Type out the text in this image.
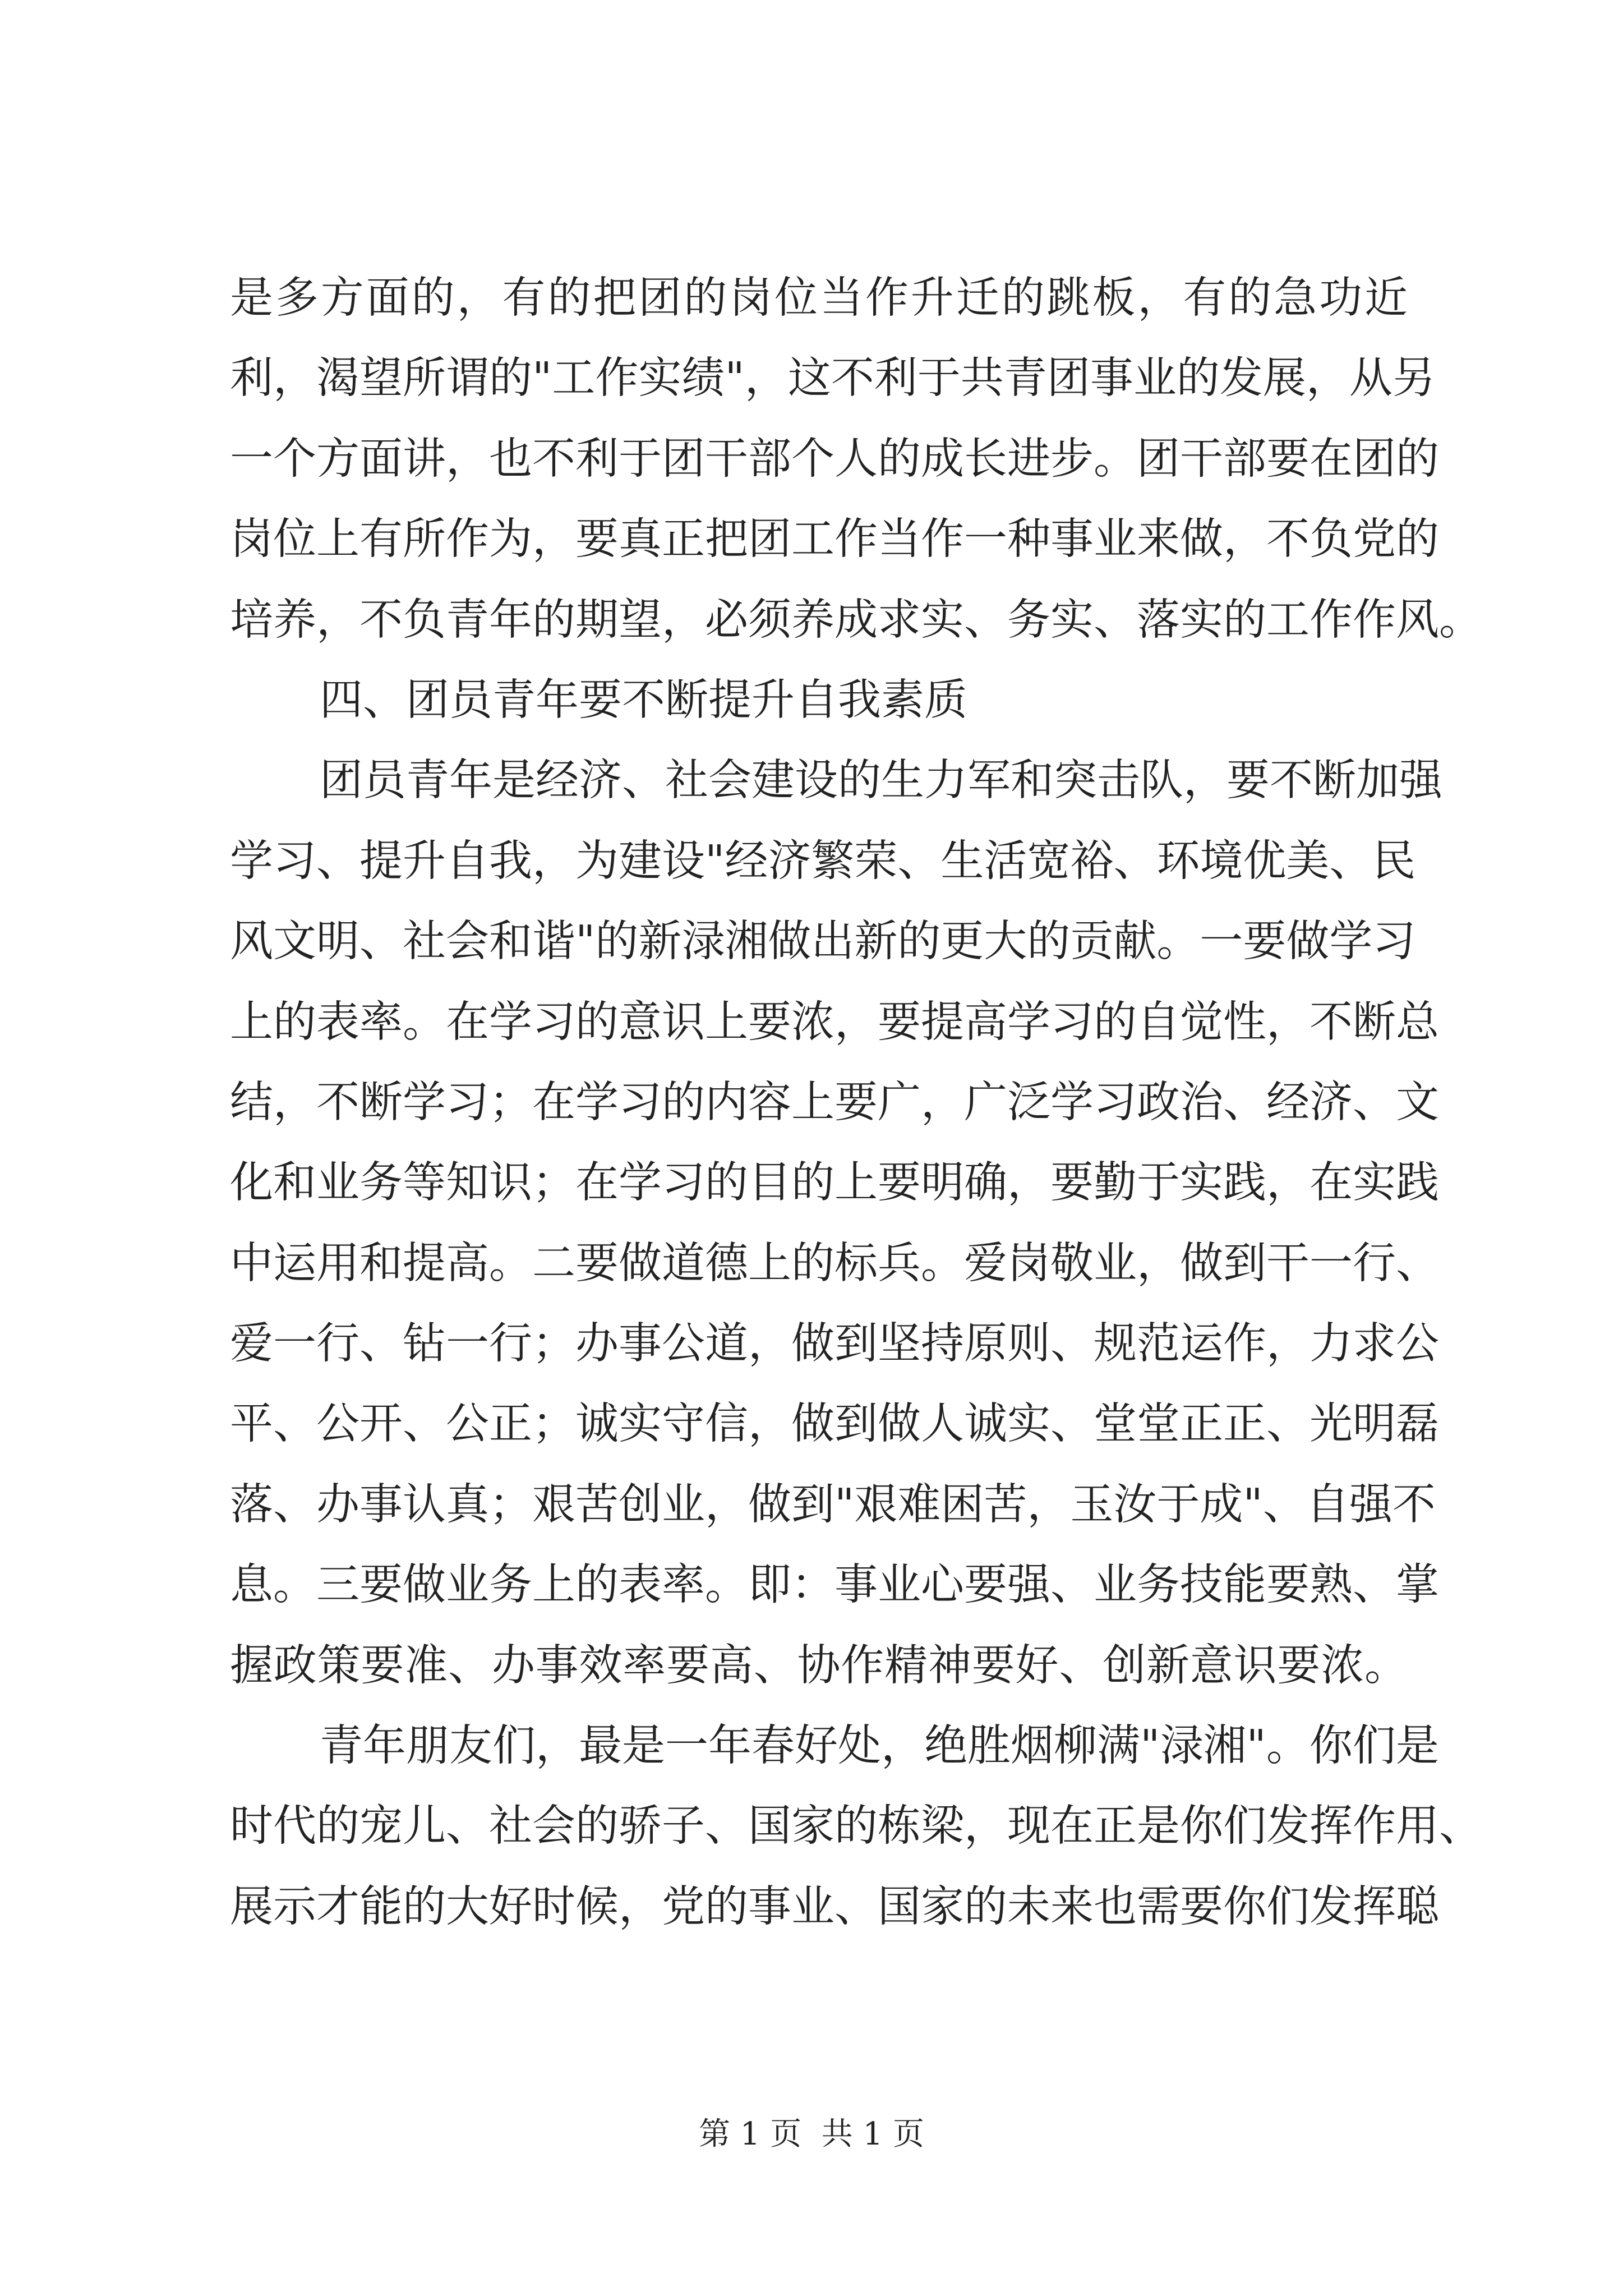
是多方面的，有的把团的岗位当作升迁的跳板，有的急功近
利，渴望所谓的"工作实绩"，这不利于共青团事业的发展，从另
一个方面讲，也不利于团干部个人的成长进步。团干部要在团的
岗位上有所作为，要真正把团工作当作一种事业来做，不负党的
培养，不负青年的期望，必须养成求实、务实、落实的工作作风。
四、团员青年要不断提升自我素质
团员青年是经济、社会建设的生力军和突击队，要不断加强
学习、提升自我，为建设"经济繁荣、生活宽裕、环境优美、民
风文明、社会和谐"的新渌湘做出新的更大的贡献。一要做学习
上的表率。在学习的意识上要浓，要提高学习的自觉性，不断总
结，不断学习；在学习的内容上要广，广泛学习政治、经济、文
化和业务等知识；在学习的目的上要明确，要勤于实践，在实践
中运用和提高。二要做道德上的标兵。爱岗敬业，做到干一行、
爱一行、钻一行；办事公道，做到坚持原则、规范运作，力求公
平、公开、公正；诚实守信，做到做人诚实、堂堂正正、光明磊
落、办事认真；艰苦创业，做到"艰难困苦，玉汝于成"、自强不
息。三要做业务上的表率。即：事业心要强、业务技能要熟、掌
握政策要准、办事效率要高、协作精神要好、创新意识要浓。
青年朋友们，最是一年春好处，绝胜烟柳满"渌湘"。你们是
时代的宠儿、社会的骄子、国家的栋梁，现在正是你们发挥作用、
展示才能的大好时候，党的事业、国家的未来也需要你们发挥聪
第 1 页  共 1 页
